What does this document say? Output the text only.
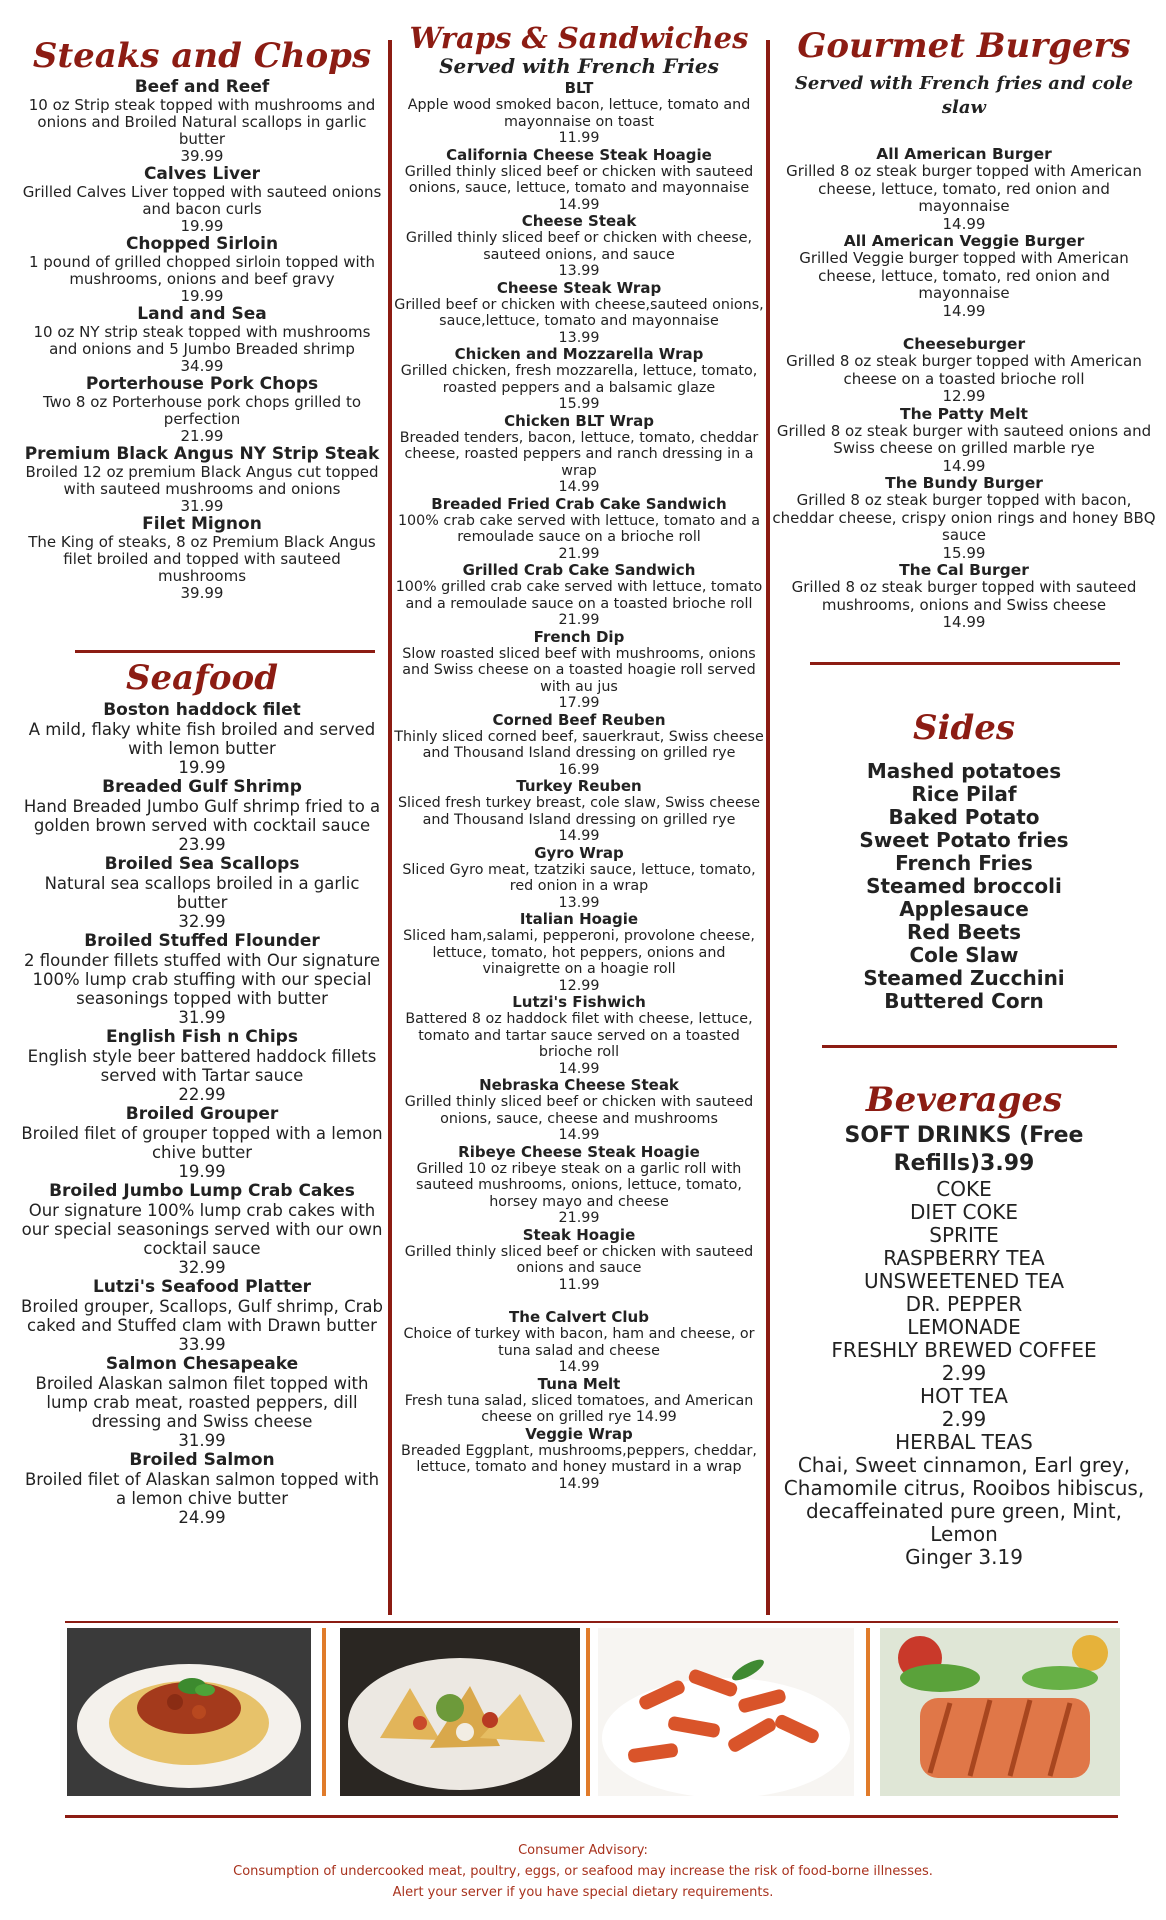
Steaks and Chops
Beef and Reef
10 oz Strip steak topped with mushrooms and onions and Broiled Natural scallops in garlic butter
39.99
Calves Liver
Grilled Calves Liver topped with sauteed onions and bacon curls
19.99
Chopped Sirloin
1 pound of grilled chopped sirloin topped with mushrooms, onions and beef gravy
19.99
Land and Sea
10 oz NY strip steak topped with mushrooms and onions and 5 Jumbo Breaded shrimp
34.99
Porterhouse Pork Chops
Two 8 oz Porterhouse pork chops grilled to perfection
21.99
Premium Black Angus NY Strip Steak
Broiled 12 oz premium Black Angus cut topped with sauteed mushrooms and onions
31.99
Filet Mignon
The King of steaks, 8 oz Premium Black Angus filet broiled and topped with sauteed mushrooms
39.99
Seafood
Boston haddock filet
A mild, flaky white fish broiled and served with lemon butter
19.99
Breaded Gulf Shrimp
Hand Breaded Jumbo Gulf shrimp fried to a golden brown served with cocktail sauce
23.99
Broiled Sea Scallops
Natural sea scallops broiled in a garlic butter
32.99
Broiled Stuffed Flounder
2 flounder fillets stuffed with Our signature 100% lump crab stuffing with our special seasonings topped with butter
31.99
English Fish n Chips
English style beer battered haddock fillets served with Tartar sauce
22.99
Broiled Grouper
Broiled filet of grouper topped with a lemon chive butter
19.99
Broiled Jumbo Lump Crab Cakes
Our signature 100% lump crab cakes with our special seasonings served with our own cocktail sauce
32.99
Lutzi's Seafood Platter
Broiled grouper, Scallops, Gulf shrimp, Crab caked and Stuffed clam with Drawn butter
33.99
Salmon Chesapeake
Broiled Alaskan salmon filet topped with lump crab meat, roasted peppers, dill dressing and Swiss cheese
31.99
Broiled Salmon
Broiled filet of Alaskan salmon topped with a lemon chive butter
24.99
Wraps & Sandwiches
Served with French Fries
BLT
Apple wood smoked bacon, lettuce, tomato and mayonnaise on toast
11.99
California Cheese Steak Hoagie
Grilled thinly sliced beef or chicken with sauteed onions, sauce, lettuce, tomato and mayonnaise
14.99
Cheese Steak
Grilled thinly sliced beef or chicken with cheese, sauteed onions, and sauce
13.99
Cheese Steak Wrap
Grilled beef or chicken with cheese,sauteed onions, sauce,lettuce, tomato and mayonnaise
13.99
Chicken and Mozzarella Wrap
Grilled chicken, fresh mozzarella, lettuce, tomato, roasted peppers and a balsamic glaze
15.99
Chicken BLT Wrap
Breaded tenders, bacon, lettuce, tomato, cheddar cheese, roasted peppers and ranch dressing in a wrap
14.99
Breaded Fried Crab Cake Sandwich
100% crab cake served with lettuce, tomato and a remoulade sauce on a brioche roll
21.99
Grilled Crab Cake Sandwich
100% grilled crab cake served with lettuce, tomato and a remoulade sauce on a toasted brioche roll
21.99
French Dip
Slow roasted sliced beef with mushrooms, onions and Swiss cheese on a toasted hoagie roll served with au jus
17.99
Corned Beef Reuben
Thinly sliced corned beef, sauerkraut, Swiss cheese and Thousand Island dressing on grilled rye
16.99
Turkey Reuben
Sliced fresh turkey breast, cole slaw, Swiss cheese and Thousand Island dressing on grilled rye
14.99
Gyro Wrap
Sliced Gyro meat, tzatziki sauce, lettuce, tomato, red onion in a wrap
13.99
Italian Hoagie
Sliced ham,salami, pepperoni, provolone cheese, lettuce, tomato, hot peppers, onions and vinaigrette on a hoagie roll
12.99
Lutzi's Fishwich
Battered 8 oz haddock filet with cheese, lettuce, tomato and tartar sauce served on a toasted brioche roll
14.99
Nebraska Cheese Steak
Grilled thinly sliced beef or chicken with sauteed onions, sauce, cheese and mushrooms
14.99
Ribeye Cheese Steak Hoagie
Grilled 10 oz ribeye steak on a garlic roll with sauteed mushrooms, onions, lettuce, tomato, horsey mayo and cheese
21.99
Steak Hoagie
Grilled thinly sliced beef or chicken with sauteed onions and sauce
11.99
The Calvert Club
Choice of turkey with bacon, ham and cheese, or tuna salad and cheese
14.99
Tuna Melt
Fresh tuna salad, sliced tomatoes, and American cheese on grilled rye 14.99
Veggie Wrap
Breaded Eggplant, mushrooms,peppers, cheddar, lettuce, tomato and honey mustard in a wrap
14.99
Gourmet Burgers
Served with French fries and cole slaw
All American Burger
Grilled 8 oz steak burger topped with American cheese, lettuce, tomato, red onion and mayonnaise
14.99
All American Veggie Burger
Grilled Veggie burger topped with American cheese, lettuce, tomato, red onion and mayonnaise
14.99
Cheeseburger
Grilled 8 oz steak burger topped with American cheese on a toasted brioche roll
12.99
The Patty Melt
Grilled 8 oz steak burger with sauteed onions and Swiss cheese on grilled marble rye
14.99
The Bundy Burger
Grilled 8 oz steak burger topped with bacon, cheddar cheese, crispy onion rings and honey BBQ sauce
15.99
The Cal Burger
Grilled 8 oz steak burger topped with sauteed mushrooms, onions and Swiss cheese
14.99
Sides
Mashed potatoes
Rice Pilaf
Baked Potato
Sweet Potato fries
French Fries
Steamed broccoli
Applesauce
Red Beets
Cole Slaw
Steamed Zucchini
Buttered Corn
Beverages
SOFT DRINKS (Free Refills)3.99
COKE
DIET COKE
SPRITE
RASPBERRY TEA
UNSWEETENED TEA
DR. PEPPER
LEMONADE
FRESHLY BREWED COFFEE
2.99
HOT TEA
2.99
HERBAL TEAS
Chai, Sweet cinnamon, Earl grey,
Chamomile citrus, Rooibos hibiscus,
decaffeinated pure green, Mint, Lemon
Ginger 3.19
Consumer Advisory:
Consumption of undercooked meat, poultry, eggs, or seafood may increase the risk of food-borne illnesses.
Alert your server if you have special dietary requirements.
